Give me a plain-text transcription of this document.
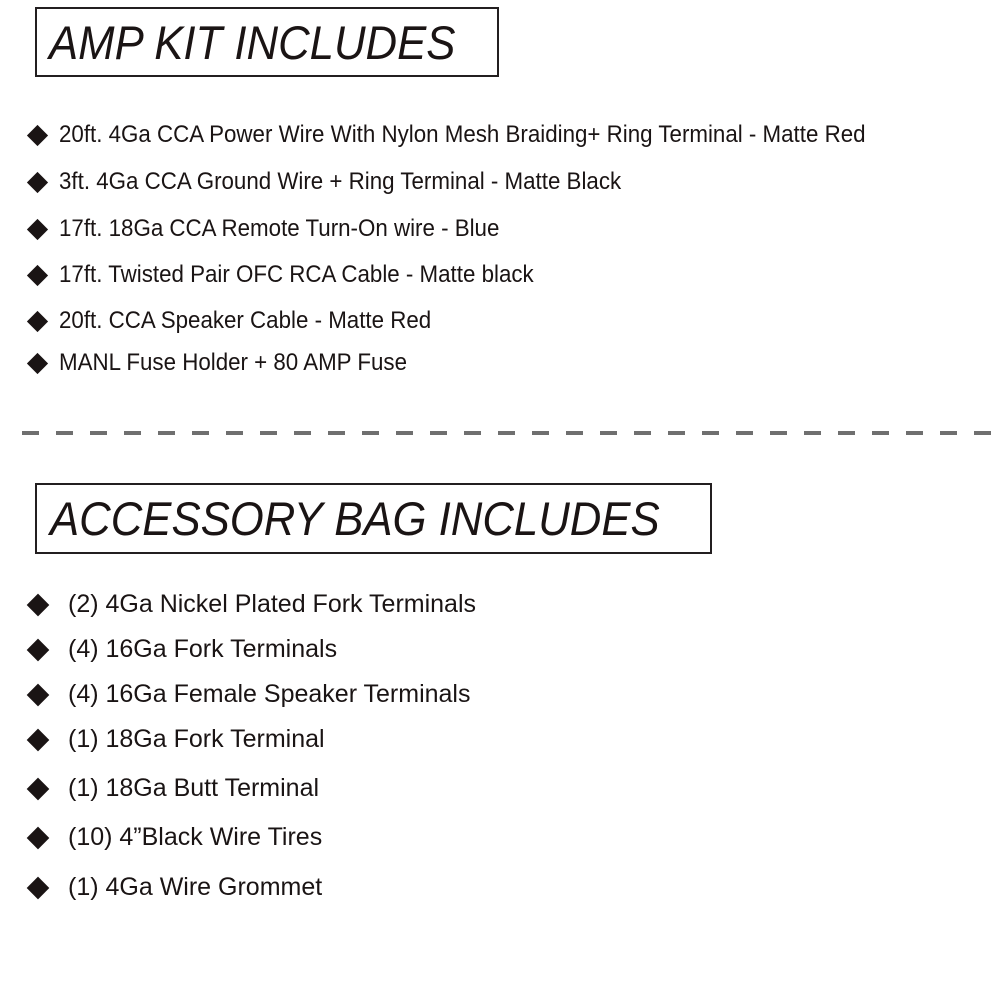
AMP KIT INCLUDES
20ft. 4Ga CCA Power Wire With Nylon Mesh Braiding+ Ring Terminal - Matte Red
3ft. 4Ga CCA Ground Wire + Ring Terminal - Matte Black
17ft. 18Ga CCA Remote Turn-On wire - Blue
17ft. Twisted Pair OFC RCA Cable - Matte black
20ft. CCA Speaker Cable - Matte Red
MANL Fuse Holder + 80 AMP Fuse
ACCESSORY BAG INCLUDES
(2) 4Ga Nickel Plated Fork Terminals
(4) 16Ga Fork Terminals
(4) 16Ga Female Speaker Terminals
(1) 18Ga Fork Terminal
(1) 18Ga Butt Terminal
(10) 4”Black Wire Tires
(1) 4Ga Wire Grommet
